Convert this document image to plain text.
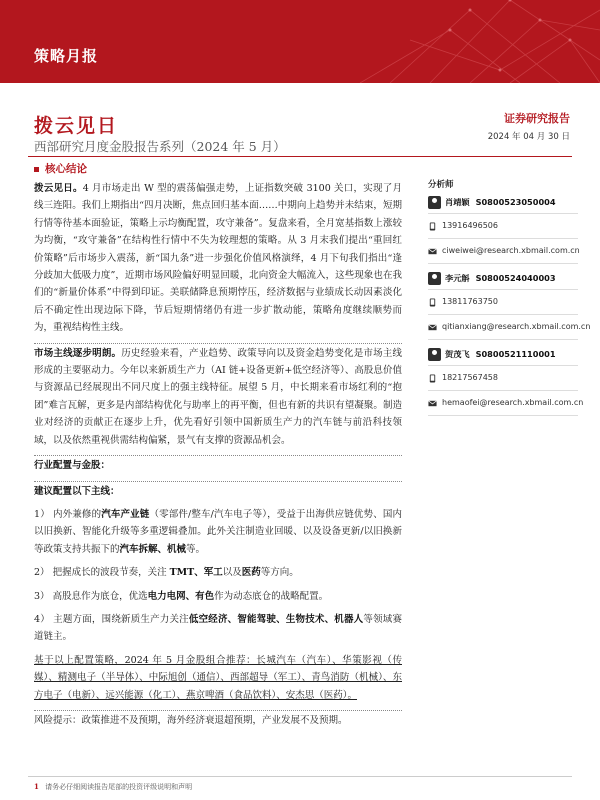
策略月报
拨云见日
西部研究月度金股报告系列（2024 年 5 月）
证券研究报告
2024 年 04 月 30 日
核心结论

拨云见日。4 月市场走出 W 型的震荡偏强走势，上证指数突破 3100 关口，实现了月线三连阳。我们上期指出“四月决断，焦点回归基本面……中期向上趋势并未结束，短期行情等待基本面验证，策略上示均衡配置，攻守兼备”。复盘来看，全月宽基指数上涨较为均衡，“攻守兼备”在结构性行情中不失为较理想的策略。从 3 月末我们提出“重回红价策略”后市场步入震荡，新“国九条”进一步强化价值风格演绎，4 月下旬我们指出“逢分歧加大低吸力度”，近期市场风险偏好明显回暖，北向资金大幅流入，这些现象也在我们的“新量价体系”中得到印证。美联储降息预期悖压，经济数据与业绩成长动因素淡化后不确定性出现边际下降，节后短期情绪仍有进一步扩散动能，策略角度继续顺势而为，重视结构性主线。

市场主线逐步明朗。历史经验来看，产业趋势、政策导向以及资金趋势变化是市场主线形成的主要驱动力。今年以来新质生产力（AI 链+设备更新+低空经济等）、高股息价值与资源品已经展现出不同尺度上的强主线特征。展望 5 月，中长期来看市场红利的“抱团”难言瓦解，更多是内部结构优化与助率上的再平衡，但也有新的共识有望凝聚。制造业对经济的贡献正在逐步上升，优先看好引领中国新质生产力的汽车链与前沿科技领域，以及依然重视供需结构偏紧，景气有支撑的资源品机会。

行业配置与金股：

建议配置以下主线：

1） 内外兼修的汽车产业链（零部件/整车/汽车电子等），受益于出海供应链优势、国内以旧换新、智能化升级等多重逻辑叠加。此外关注制造业回暖、以及设备更新/以旧换新等政策支持共振下的汽车拆解、机械等。

2） 把握成长的波段节奏，关注 TMT、军工以及医药等方向。

3） 高股息作为底仓，优选电力电网、有色作为动态底仓的战略配置。

4） 主题方面，围绕新质生产力关注低空经济、智能驾驶、生物技术、机器人等领域赛道链主。

基于以上配置策略，2024 年 5 月金股组合推荐：长城汽车（汽车）、华策影视（传媒）、精测电子（半导体）、中际旭创（通信）、西部超导（军工）、青鸟消防（机械）、东方电子（电新）、远兴能源（化工）、燕京啤酒（食品饮料）、安杰思（医药）。

风险提示：政策推进不及预期，海外经济衰退超预期，产业发展不及预期。

分析师
肖靖颖 S0800523050004
13916496506
ciweiwei@research.xbmail.com.cn
李元斛 S0800524040003
13811763750
qitianxiang@research.xbmail.com.cn
贺茂飞 S0800521110001
18217567458
hemaofei@research.xbmail.com.cn
1 请务必仔细阅读报告尾部的投资评级说明和声明
